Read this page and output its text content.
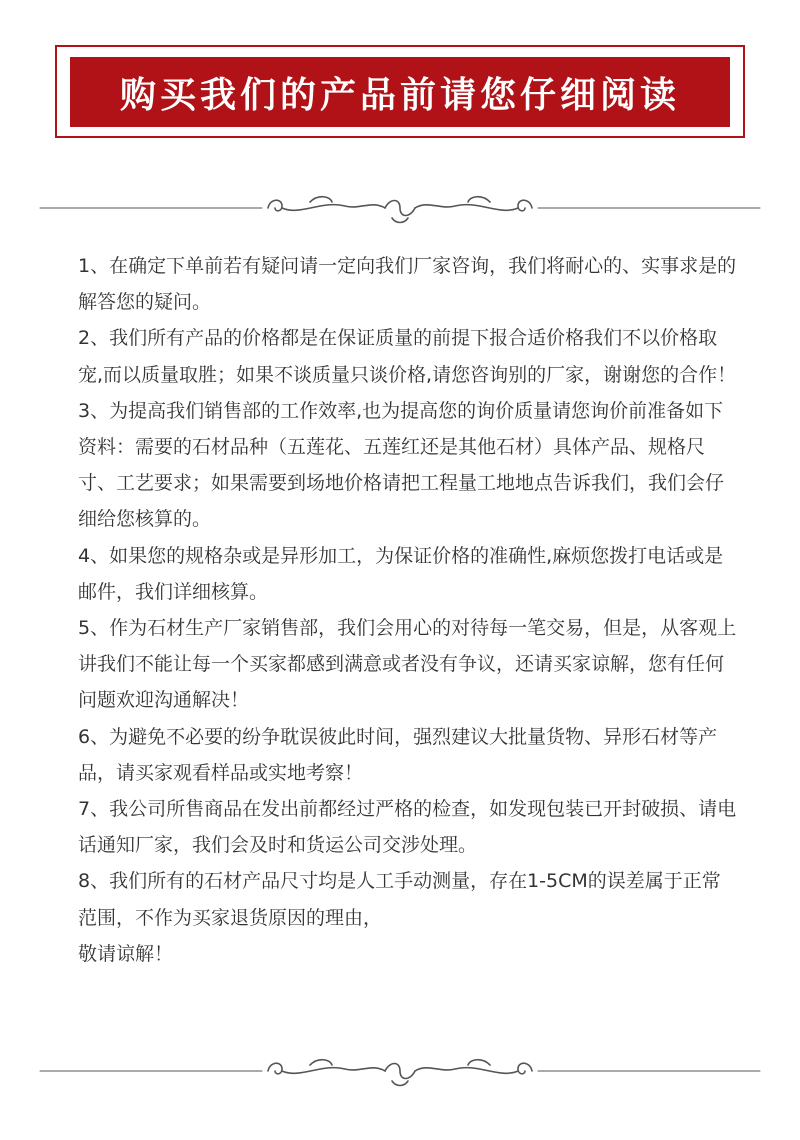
购买我们的产品前请您仔细阅读

1、在确定下单前若有疑问请一定向我们厂家咨询，我们将耐心的、实事求是的解答您的疑问。

2、我们所有产品的价格都是在保证质量的前提下报合适价格我们不以价格取宠,而以质量取胜；如果不谈质量只谈价格,请您咨询别的厂家，谢谢您的合作！

3、为提高我们销售部的工作效率,也为提高您的询价质量请您询价前准备如下资料：需要的石材品种（五莲花、五莲红还是其他石材）具体产品、规格尺寸、工艺要求；如果需要到场地价格请把工程量工地地点告诉我们，我们会仔细给您核算的。

4、如果您的规格杂或是异形加工，为保证价格的准确性,麻烦您拨打电话或是邮件，我们详细核算。

5、作为石材生产厂家销售部，我们会用心的对待每一笔交易，但是，从客观上讲我们不能让每一个买家都感到满意或者没有争议，还请买家谅解，您有任何问题欢迎沟通解决！

6、为避免不必要的纷争耽误彼此时间，强烈建议大批量货物、异形石材等产品，请买家观看样品或实地考察！

7、我公司所售商品在发出前都经过严格的检查，如发现包装已开封破损、请电话通知厂家，我们会及时和货运公司交涉处理。

8、我们所有的石材产品尺寸均是人工手动测量，存在1-5CM的误差属于正常范围，不作为买家退货原因的理由，

敬请谅解！
